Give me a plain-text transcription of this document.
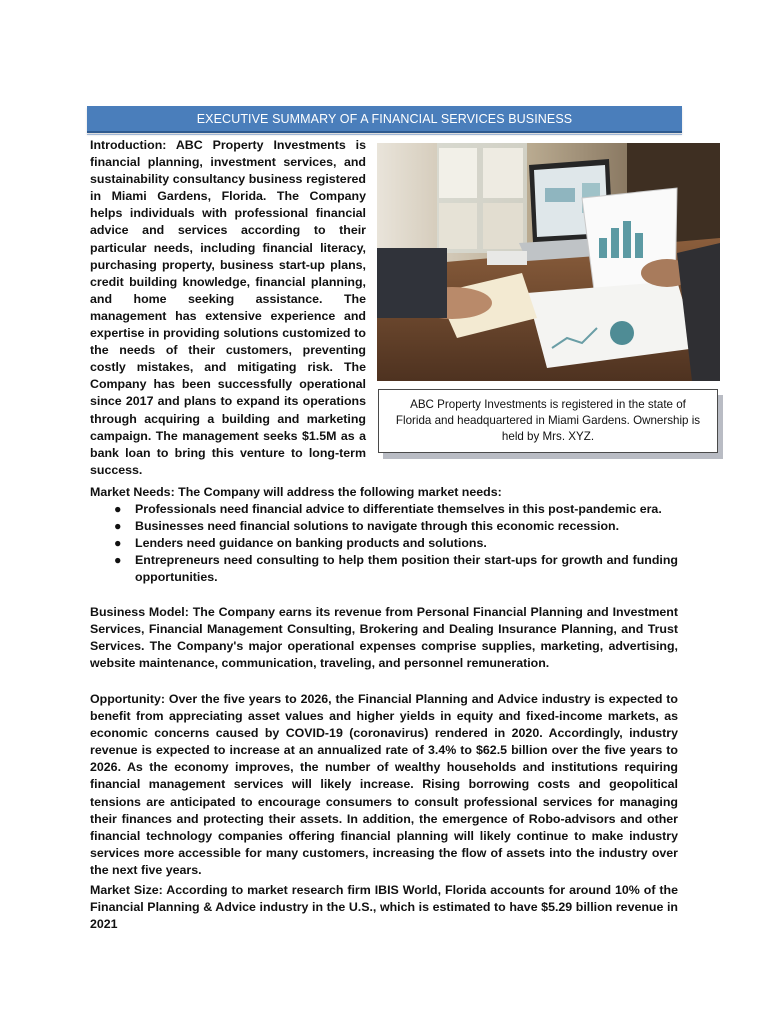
EXECUTIVE SUMMARY OF A FINANCIAL SERVICES BUSINESS
Introduction: ABC Property Investments is financial planning, investment services, and sustainability consultancy business registered in Miami Gardens, Florida. The Company helps individuals with professional financial advice and services according to their particular needs, including financial literacy, purchasing property, business start-up plans, credit building knowledge, financial planning, and home seeking assistance. The management has extensive experience and expertise in providing solutions customized to the needs of their customers, preventing costly mistakes, and mitigating risk. The Company has been successfully operational since 2017 and plans to expand its operations through acquiring a building and marketing campaign. The management seeks $1.5M as a bank loan to bring this venture to long-term success.
ABC Property Investments is registered in the state of Florida and headquartered in Miami Gardens. Ownership is held by Mrs. XYZ.
Market Needs: The Company will address the following market needs:
● Professionals need financial advice to differentiate themselves in this post-pandemic era.
● Businesses need financial solutions to navigate through this economic recession.
● Lenders need guidance on banking products and solutions.
● Entrepreneurs need consulting to help them position their start-ups for growth and funding opportunities.
Business Model: The Company earns its revenue from Personal Financial Planning and Investment Services, Financial Management Consulting, Brokering and Dealing Insurance Planning, and Trust Services. The Company's major operational expenses comprise supplies, marketing, advertising, website maintenance, communication, traveling, and personnel remuneration.
Opportunity: Over the five years to 2026, the Financial Planning and Advice industry is expected to benefit from appreciating asset values and higher yields in equity and fixed-income markets, as economic concerns caused by COVID-19 (coronavirus) rendered in 2020. Accordingly, industry revenue is expected to increase at an annualized rate of 3.4% to $62.5 billion over the five years to 2026. As the economy improves, the number of wealthy households and institutions requiring financial management services will likely increase. Rising borrowing costs and geopolitical tensions are anticipated to encourage consumers to consult professional services for managing their finances and protecting their assets. In addition, the emergence of Robo-advisors and other financial technology companies offering financial planning will likely continue to make industry services more accessible for many customers, increasing the flow of assets into the industry over the next five years.
Market Size: According to market research firm IBIS World, Florida accounts for around 10% of the Financial Planning & Advice industry in the U.S., which is estimated to have $5.29 billion revenue in 2021
